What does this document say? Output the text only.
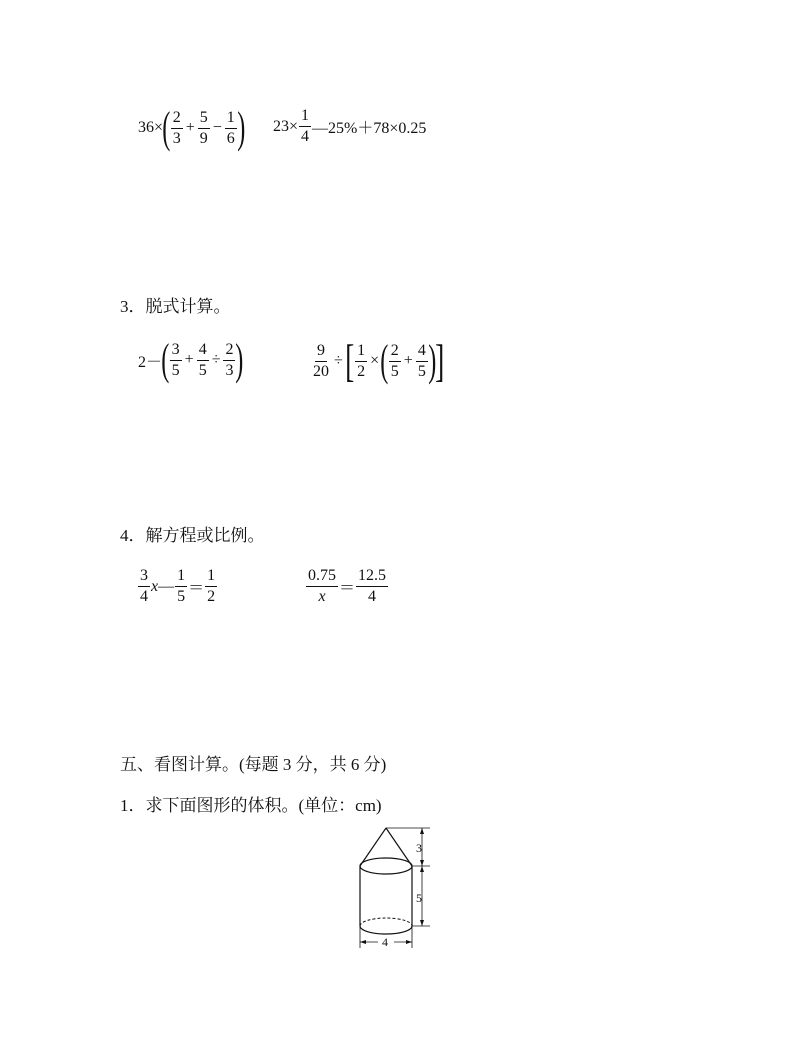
36× ( $\frac{2}{3} + \frac{5}{9} - \frac{1}{6}$ ) $23\times \frac{1}{4}$ —25%＋78×0.25
3．脱式计算。
2－ ( $\frac{3}{5} + \frac{4}{5} \div \frac{2}{3}$ )	$\frac{9}{20}$ ÷ [ $\frac{1}{2}$ × ( $\frac{2}{5} + \frac{4}{5}$ ) ]
4．解方程或比例。
$\frac{3}{4}$ x — $\frac{1}{5} = \frac{1}{2}$	$\frac{0.75}{x} = \frac{12.5}{4}$
五、看图计算。(每题 3 分，共 6 分)
1．求下面图形的体积。(单位：cm)
3
5
4
